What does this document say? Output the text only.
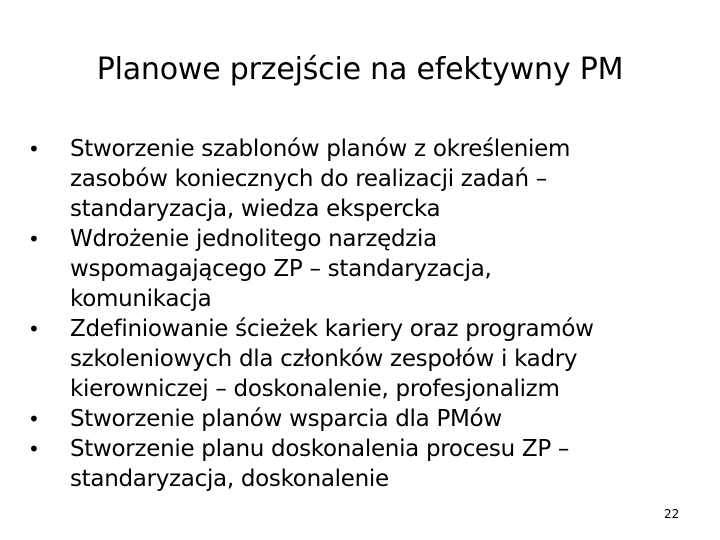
Planowe przejście na efektywny PM
•	Stworzenie szablonów planów z określeniem
zasobów koniecznych do realizacji zadań –
standaryzacja, wiedza ekspercka
•	Wdrożenie jednolitego narzędzia
wspomagającego ZP – standaryzacja,
komunikacja
•	Zdefiniowanie ścieżek kariery oraz programów
szkoleniowych dla członków zespołów i kadry
kierowniczej – doskonalenie, profesjonalizm
•	Stworzenie planów wsparcia dla PMów
•	Stworzenie planu doskonalenia procesu ZP –
standaryzacja, doskonalenie
22
